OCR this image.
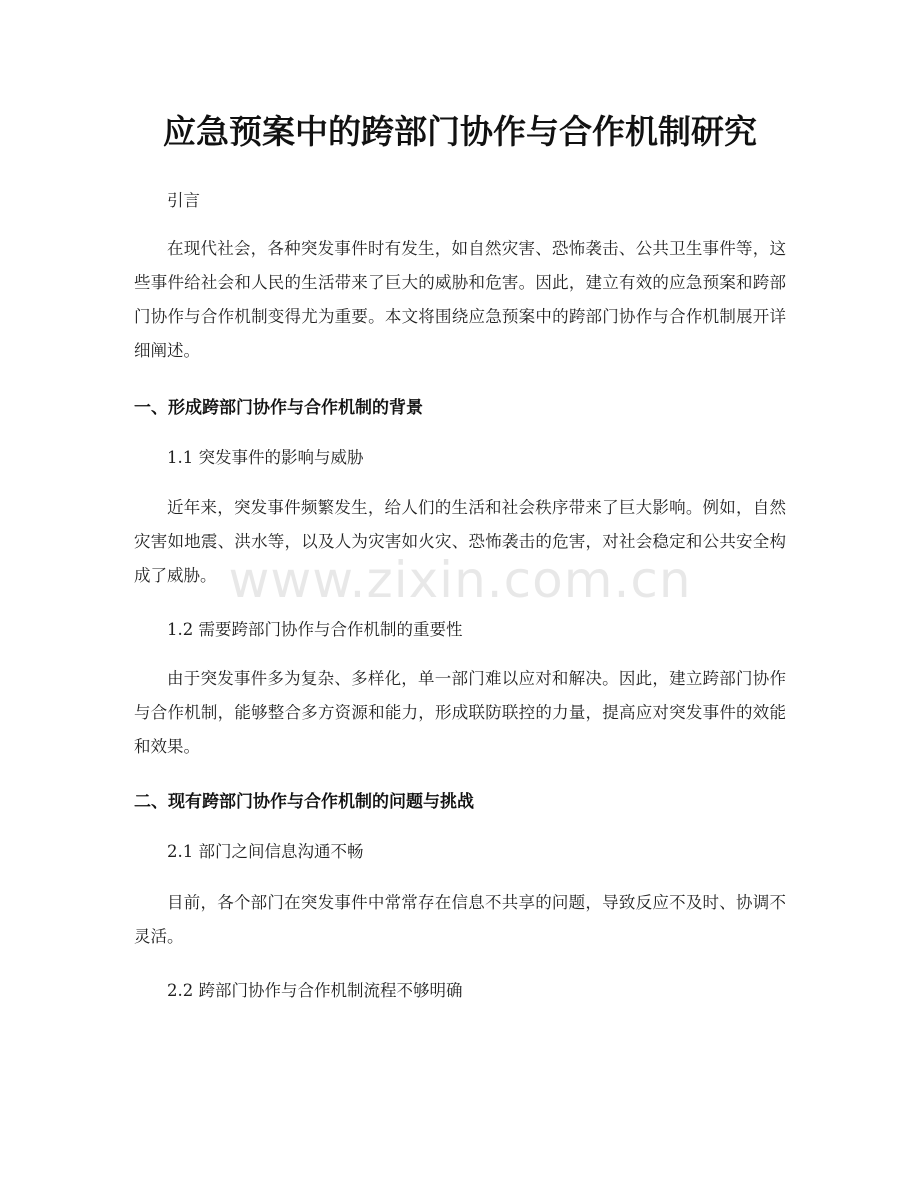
应急预案中的跨部门协作与合作机制研究

引言

在现代社会，各种突发事件时有发生，如自然灾害、恐怖袭击、公共卫生事件等，这些事件给社会和人民的生活带来了巨大的威胁和危害。因此，建立有效的应急预案和跨部门协作与合作机制变得尤为重要。本文将围绕应急预案中的跨部门协作与合作机制展开详细阐述。

一、形成跨部门协作与合作机制的背景

1.1 突发事件的影响与威胁

近年来，突发事件频繁发生，给人们的生活和社会秩序带来了巨大影响。例如，自然灾害如地震、洪水等，以及人为灾害如火灾、恐怖袭击的危害，对社会稳定和公共安全构成了威胁。

1.2 需要跨部门协作与合作机制的重要性

由于突发事件多为复杂、多样化，单一部门难以应对和解决。因此，建立跨部门协作与合作机制，能够整合多方资源和能力，形成联防联控的力量，提高应对突发事件的效能和效果。

二、现有跨部门协作与合作机制的问题与挑战

2.1 部门之间信息沟通不畅

目前，各个部门在突发事件中常常存在信息不共享的问题，导致反应不及时、协调不灵活。

2.2 跨部门协作与合作机制流程不够明确

www.zixin.com.cn
